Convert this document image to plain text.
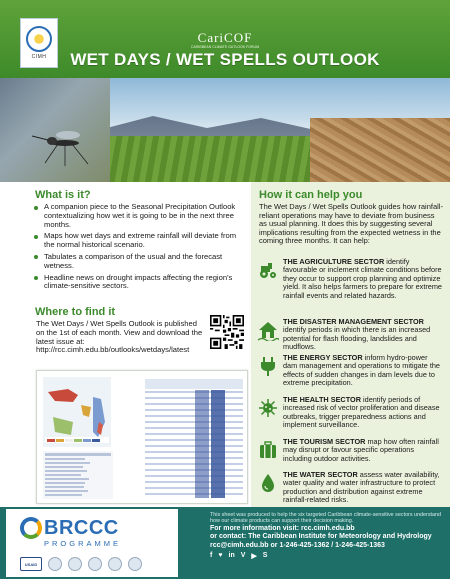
CIMH
CariCOF
CARIBBEAN CLIMATE OUTLOOK FORUM
WET DAYS / WET SPELLS OUTLOOK
What is it?
A companion piece to the Seasonal Precipitation Outlook contextualizing how wet it is going to be in the next three months.
Maps how wet days and extreme rainfall will deviate from the normal historical scenario.
Tabulates a comparison of the usual and the forecast wetness.
Headline news on drought impacts affecting the region's climate-sensitive sectors.
Where to find it
The Wet Days / Wet Spells Outlook is published on the 1st of each month. View and download the latest issue at: http://rcc.cimh.edu.bb/outlooks/wetdays/latest
How it can help you
The Wet Days / Wet Spells Outlook guides how rainfall-reliant operations may have to deviate from business as usual planning. It does this by suggesting several implications resulting from the expected wetness in the coming three months. It can help:
THE AGRICULTURE SECTOR identify favourable or inclement climate conditions before they occur to support crop planning and optimize yield. It also helps farmers to prepare for extreme rainfall events and related hazards.
THE DISASTER MANAGEMENT SECTOR identify periods in which there is an increased potential for flash flooding, landslides and mudflows.
THE ENERGY SECTOR inform hydro-power dam management and operations to mitigate the effects of sudden changes in dam levels due to extreme precipitation.
THE HEALTH SECTOR identify periods of increased risk of vector proliferation and disease outbreaks, trigger preparedness actions and implement surveillance.
THE TOURISM SECTOR map how often rainfall may disrupt or favour specific operations including outdoor activities.
THE WATER SECTOR assess water availability, water quality and water infrastructure to protect production and distribution against extreme rainfall-related risks.
BRCCC
PROGRAMME
USAID
This sheet was produced to help the six targeted Caribbean climate-sensitive sectors understand how our climate products can support their decision making.
For more information visit: rcc.cimh.edu.bb
or contact: The Caribbean Institute for Meteorology and Hydrology
rcc@cimh.edu.bb or 1-246-425-1362 / 1-246-425-1363
f ♥ in V ▶ S
